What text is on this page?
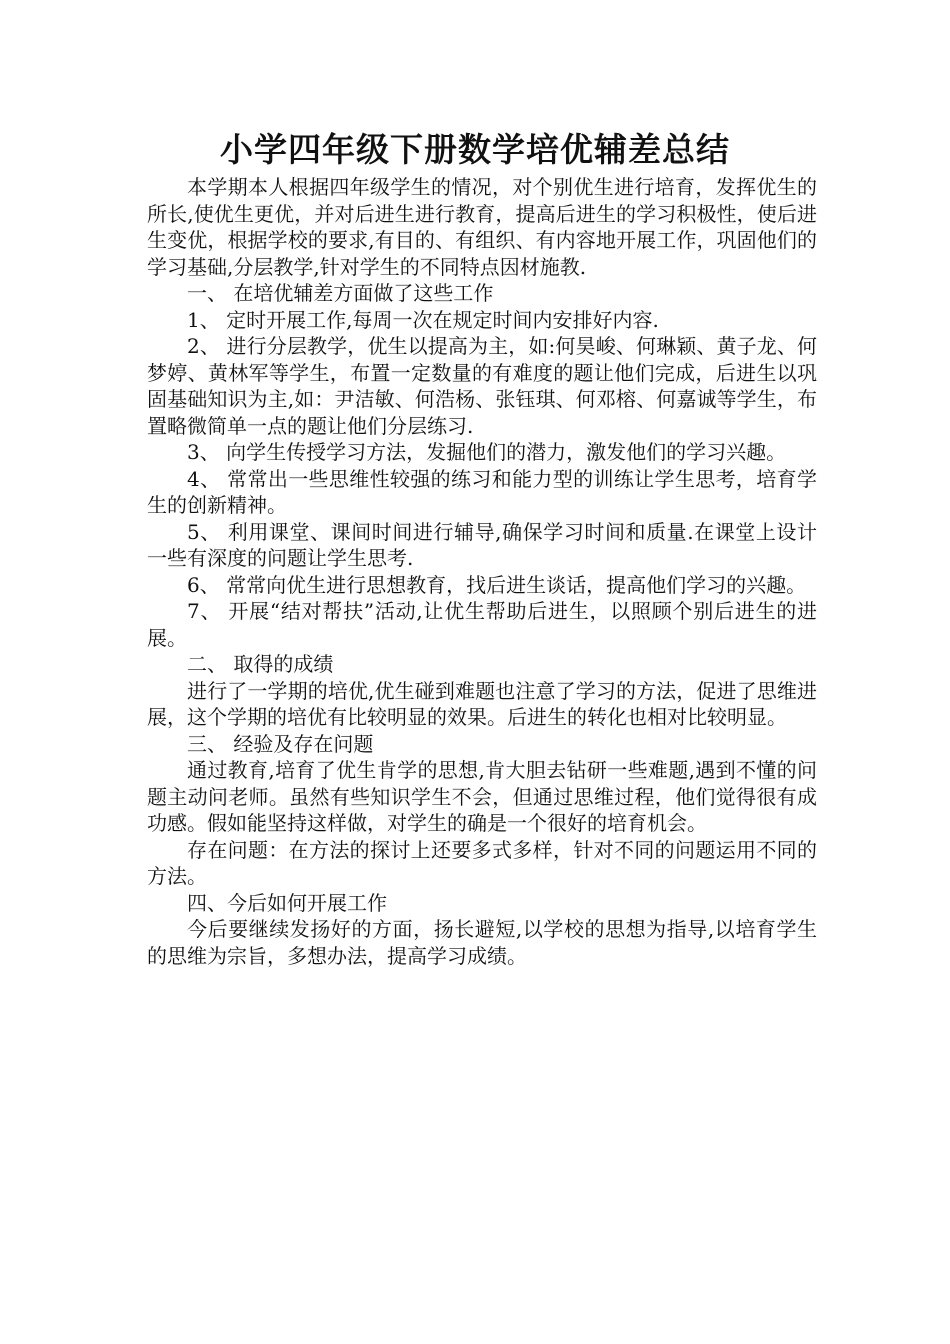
小学四年级下册数学培优辅差总结

本学期本人根据四年级学生的情况，对个别优生进行培育，发挥优生的所长,使优生更优，并对后进生进行教育，提高后进生的学习积极性，使后进生变优，根据学校的要求,有目的、有组织、有内容地开展工作，巩固他们的学习基础,分层教学,针对学生的不同特点因材施教.

一、 在培优辅差方面做了这些工作

1、 定时开展工作,每周一次在规定时间内安排好内容.

2、 进行分层教学，优生以提高为主，如:何昊峻、何琳颖、黄子龙、何梦婷、黄林军等学生，布置一定数量的有难度的题让他们完成，后进生以巩固基础知识为主,如：尹洁敏、何浩杨、张钰琪、何邓榕、何嘉诚等学生，布置略微简单一点的题让他们分层练习.

3、 向学生传授学习方法，发掘他们的潜力，激发他们的学习兴趣。

4、 常常出一些思维性较强的练习和能力型的训练让学生思考，培育学生的创新精神。

5、 利用课堂、课间时间进行辅导,确保学习时间和质量.在课堂上设计一些有深度的问题让学生思考.

6、 常常向优生进行思想教育，找后进生谈话，提高他们学习的兴趣。

7、 开展“结对帮扶”活动,让优生帮助后进生，以照顾个别后进生的进展。

二、 取得的成绩

进行了一学期的培优,优生碰到难题也注意了学习的方法，促进了思维进展，这个学期的培优有比较明显的效果。后进生的转化也相对比较明显。

三、 经验及存在问题

通过教育,培育了优生肯学的思想,肯大胆去钻研一些难题,遇到不懂的问题主动问老师。虽然有些知识学生不会，但通过思维过程，他们觉得很有成功感。假如能坚持这样做，对学生的确是一个很好的培育机会。

存在问题：在方法的探讨上还要多式多样，针对不同的问题运用不同的方法。

四、今后如何开展工作

今后要继续发扬好的方面，扬长避短,以学校的思想为指导,以培育学生的思维为宗旨，多想办法，提高学习成绩。
